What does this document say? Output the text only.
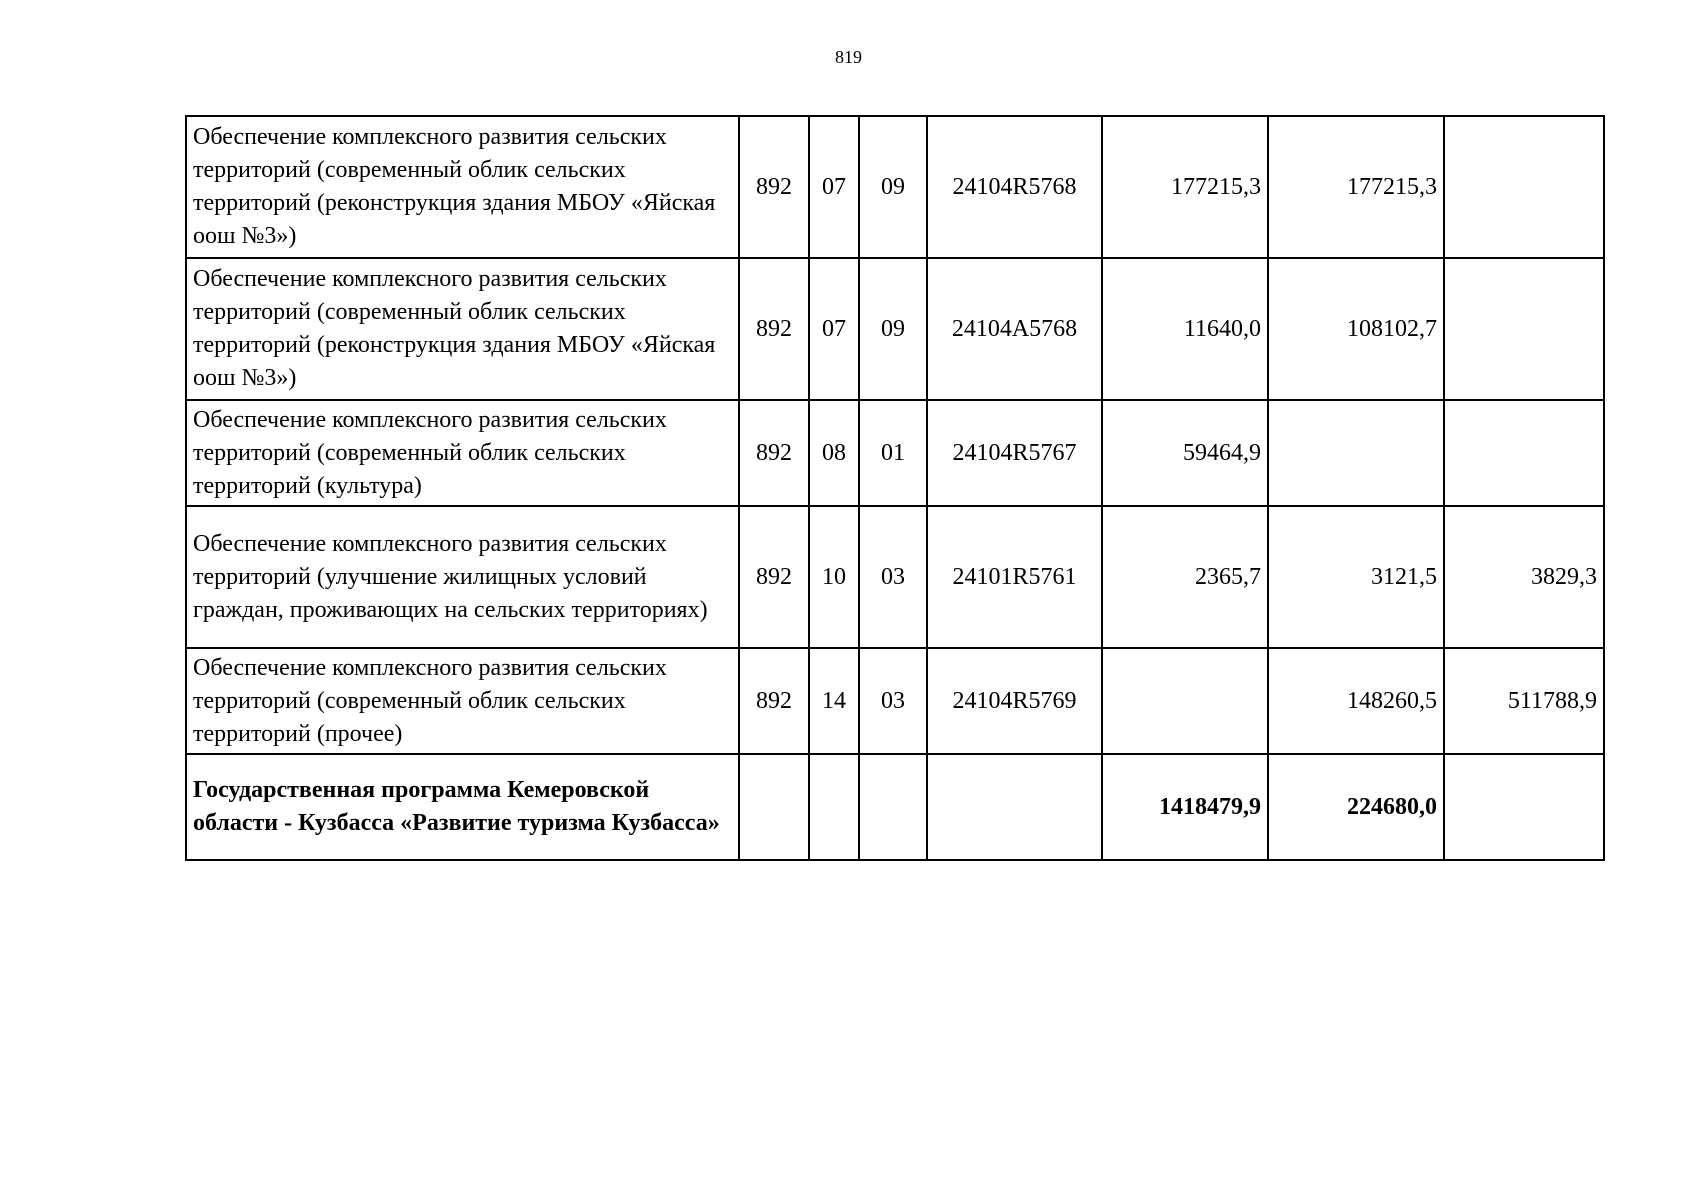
819
Обеспечение комплексного развития сельских территорий (современный облик сельских территорий (реконструкция здания МБОУ «Яйская оош №3»)	892	07	09	24104R5768	177215,3	177215,3	
Обеспечение комплексного развития сельских территорий (современный облик сельских территорий (реконструкция здания МБОУ «Яйская оош №3»)	892	07	09	24104A5768	11640,0	108102,7	
Обеспечение комплексного развития сельских территорий (современный облик сельских территорий (культура)	892	08	01	24104R5767	59464,9		
Обеспечение комплексного развития сельских территорий (улучшение жилищных условий граждан, проживающих на сельских территориях)	892	10	03	24101R5761	2365,7	3121,5	3829,3
Обеспечение комплексного развития сельских территорий (современный облик сельских территорий (прочее)	892	14	03	24104R5769		148260,5	511788,9
Государственная программа Кемеровской области - Кузбасса «Развитие туризма Кузбасса»					1418479,9	224680,0	
